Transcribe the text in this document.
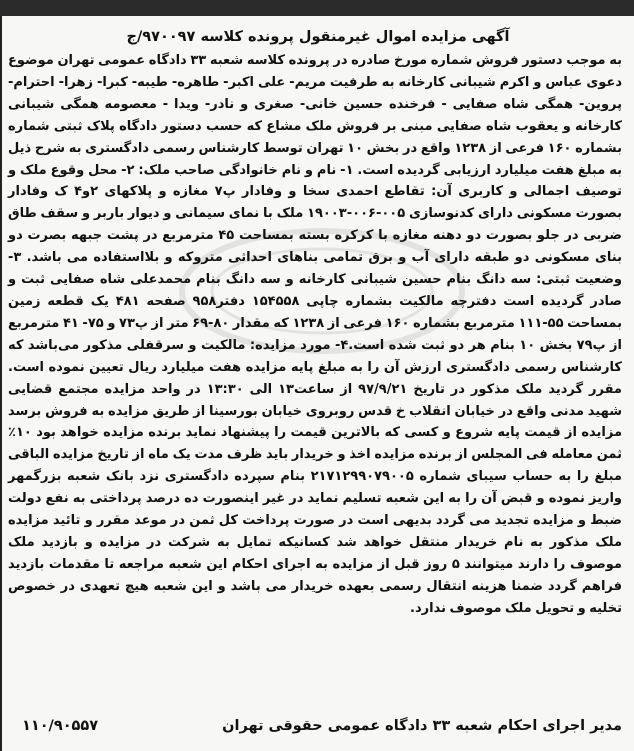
آگهی مزایده اموال غیرمنقول پرونده کلاسه ۹۷۰۰۹۷/ج
به موجب دستور فروش شماره مورخ صادره در پرونده کلاسه شعبه ۳۳ دادگاه عمومی تهران موضوع دعوی عباس و اکرم شیبانی کارخانه به طرفیت مریم- علی اکبر- طاهره- طیبه- کبرا- زهرا- احترام- پروین- همگی شاه صفایی - فرخنده حسین خانی- صغری و نادر- ویدا - معصومه همگی شیبانی کارخانه و یعقوب شاه صفایی مبنی بر فروش ملک مشاع که حسب دستور دادگاه پلاک ثبتی شماره بشماره ۱۶۰ فرعی از ۱۲۳۸ واقع در بخش ۱۰ تهران توسط کارشناس رسمی دادگستری به شرح ذیل به مبلغ هفت میلیارد ارزیابی گردیده است. ۱- نام و نام خانوادگی صاحب ملک: ۲- محل وقوع ملک و توصیف اجمالی و کاربری آن: تقاطع احمدی سخا و وفادار پ۷ مغازه و پلاکهای ۲و۴ ک وفادار بصورت مسکونی دارای کدنوسازی ۰۰۵-۰۰۶-۱۹۰۰۳ ملک با نمای سیمانی و دیوار باربر و سقف طاق ضربی در جلو بصورت دو دهنه مغازه با کرکره بسته بمساحت ۴۵ مترمربع در پشت جبهه بصرت دو بنای مسکونی دو طبقه دارای آب و برق تمامی بناهای احداثی متروکه و بلااستفاده می باشد. ۳-وضعیت ثبتی: سه دانگ بنام حسین شیبانی کارخانه و سه دانگ بنام محمدعلی شاه صفایی ثبت و صادر گردیده است دفترچه مالکیت بشماره چاپی ۱۵۴۵۵۸ دفتر۹۵۸ صفحه ۴۸۱ یک قطعه زمین بمساحت ۵۵-۱۱۱ مترمربع بشماره ۱۶۰ فرعی از ۱۲۳۸ که مقدار ۸۰-۶۹ متر از پ۷۳ و ۷۵- ۴۱ مترمربع از پ۷۹ بخش ۱۰ بنام هر دو ثبت شده است.۴- مورد مزایده: مالکیت و سرقفلی مذکور می‌باشد که کارشناس رسمی دادگستری ارزش آن را به مبلغ پایه مزایده هفت میلیارد ریال تعیین نموده است. مقرر گردید ملک مذکور در تاریخ ۹۷/۹/۲۱ از ساعت۱۳ الی ۱۳:۳۰ در واحد مزایده مجتمع قضایی شهید مدنی واقع در خیابان انقلاب خ قدس روبروی خیابان بورسینا از طریق مزایده به فروش برسد مزایده از قیمت پایه شروع و کسی که بالاترین قیمت را پیشنهاد نماید برنده مزایده خواهد بود ۱۰٪ ثمن معامله فی المجلس از برنده مزایده اخذ و خریدار باید ظرف مدت یک ماه از تاریخ مزایده الباقی مبلغ را به حساب سیبای شماره ۲۱۷۱۲۹۹۰۷۹۰۰۵ بنام سپرده دادگستری نزد بانک شعبه بزرگمهر واریز نموده و قبض آن را به این شعبه تسلیم نماید در غیر اینصورت ده درصد پرداختی به نفع دولت ضبط و مزایده تجدید می گردد بدیهی است در صورت پرداخت کل ثمن در موعد مقرر و تائید مزایده ملک مذکور به نام خریدار منتقل خواهد شد کسانیکه تمایل به شرکت در مزایده و بازدید ملک موصوف را دارند میتوانند ۵ روز قبل از مزایده به اجرای احکام این شعبه مراجعه تا مقدمات بازدید فراهم گردد ضمنا هزینه انتقال رسمی بعهده خریدار می باشد و این شعبه هیچ تعهدی در خصوص تخلیه و تحویل ملک موصوف ندارد.
مدیر اجرای احکام شعبه ۳۳ دادگاه عمومی حقوقی تهران
۱۱۰/۹۰۵۵۷
